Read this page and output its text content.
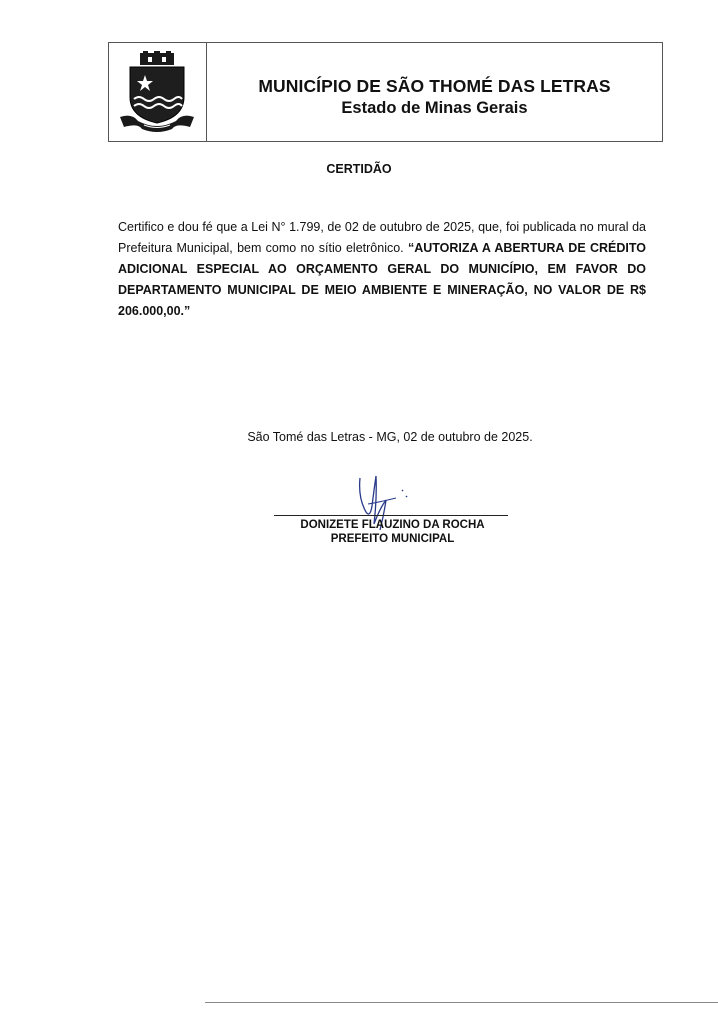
MUNICÍPIO DE SÃO THOMÉ DAS LETRAS
Estado de Minas Gerais
CERTIDÃO
Certifico e dou fé que a Lei N° 1.799, de 02 de outubro de 2025, que, foi publicada no mural da Prefeitura Municipal, bem como no sítio eletrônico. “AUTORIZA A ABERTURA DE CRÉDITO ADICIONAL ESPECIAL AO ORÇAMENTO GERAL DO MUNICÍPIO, EM FAVOR DO DEPARTAMENTO MUNICIPAL DE MEIO AMBIENTE E MINERAÇÃO, NO VALOR DE R$ 206.000,00.”
São Tomé das Letras - MG, 02 de outubro de 2025.
DONIZETE FLAUZINO DA ROCHA
PREFEITO MUNICIPAL
